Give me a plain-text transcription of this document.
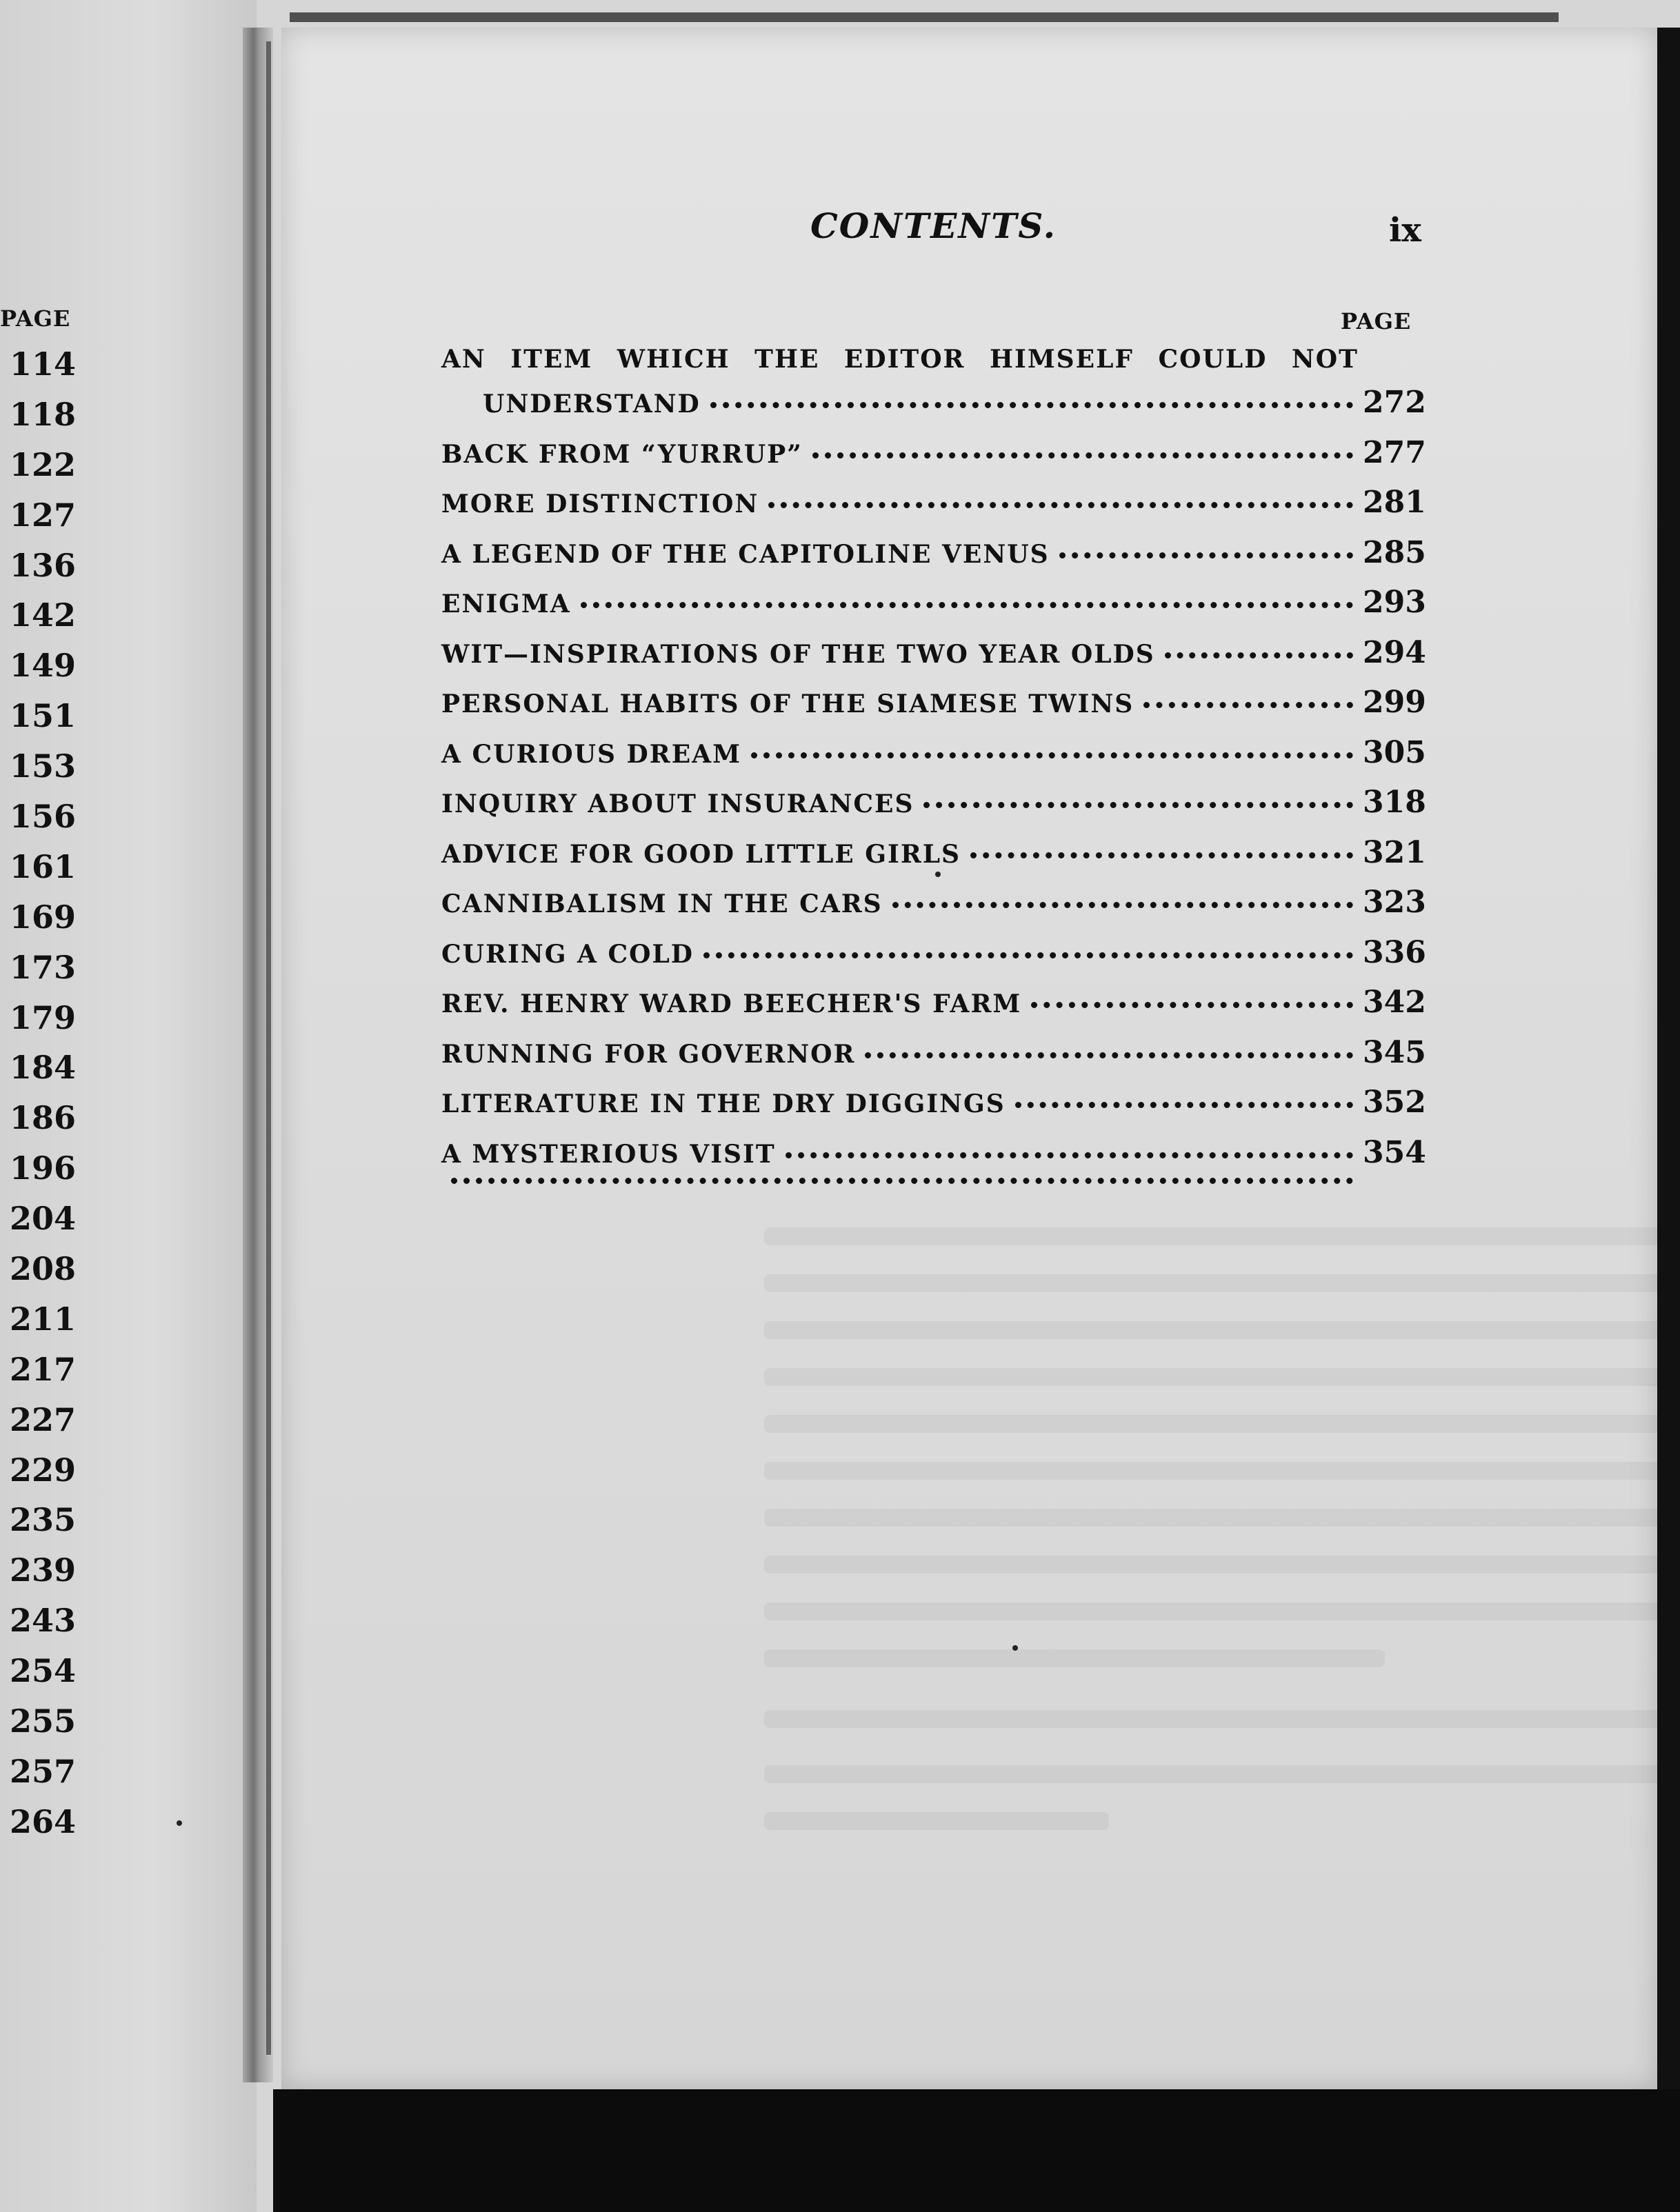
PAGE
114
118
122
127
136
142
149
151
153
156
161
169
173
179
184
186
196
204
208
211
217
227
229
235
239
243
254
255
257
264
CONTENTS.	ix
PAGE
AN ITEM WHICH THE EDITOR HIMSELF COULD NOT
UNDERSTAND	272
BACK FROM “YURRUP”	277
MORE DISTINCTION	281
A LEGEND OF THE CAPITOLINE VENUS	285
ENIGMA	293
WIT—INSPIRATIONS OF THE TWO YEAR OLDS	294
PERSONAL HABITS OF THE SIAMESE TWINS	299
A CURIOUS DREAM	305
INQUIRY ABOUT INSURANCES	318
ADVICE FOR GOOD LITTLE GIRLS	321
CANNIBALISM IN THE CARS	323
CURING A COLD	336
REV. HENRY WARD BEECHER'S FARM	342
RUNNING FOR GOVERNOR	345
LITERATURE IN THE DRY DIGGINGS	352
A MYSTERIOUS VISIT	354
